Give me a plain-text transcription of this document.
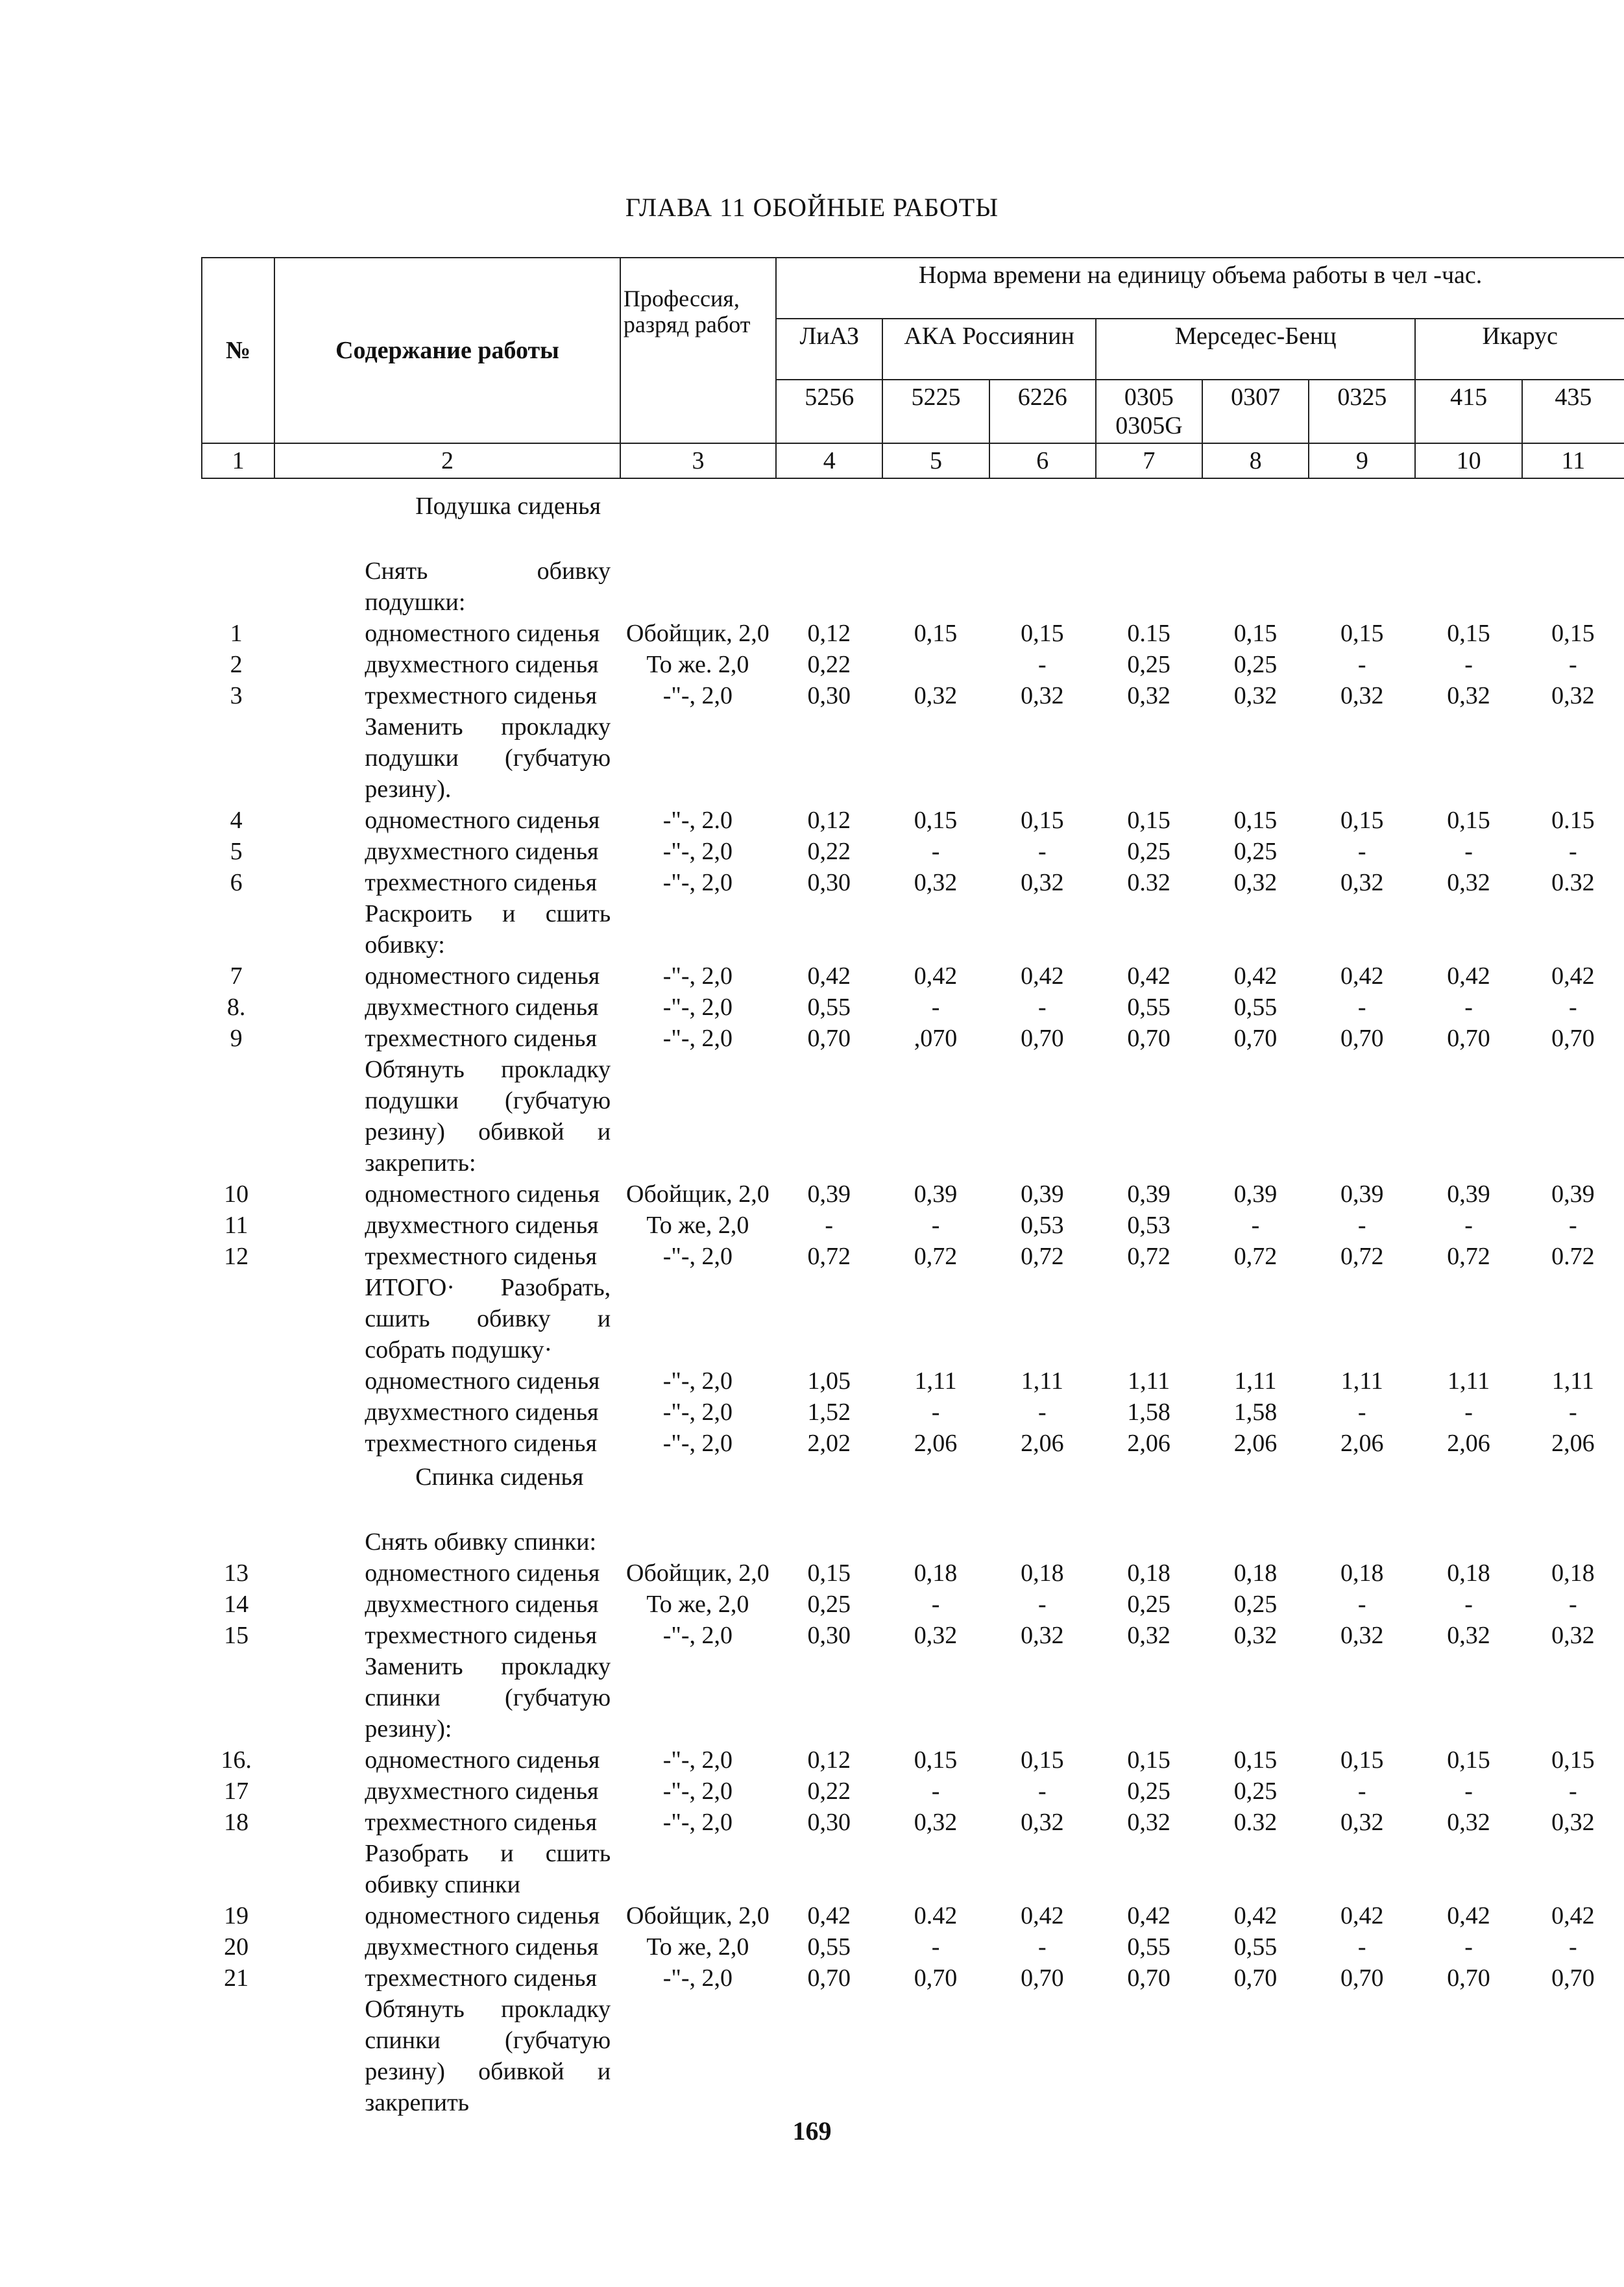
ГЛАВА 11 ОБОЙНЫЕ РАБОТЫ
№	Содержание работы	Профессия, разряд работ	Норма времени на единицу объема работы в чел -час.							
			ЛиАЗ	АКА Россиянин		Мерседес-Бенц			Икарус	
			5256	5225	6226	0305 0305G	0307	0325	415	435
1	2	3	4	5	6	7	8	9	10	11
	Подушка сиденья									

	Снять обивку подушки:									
1	одноместного сиденья	Обойщик, 2,0	0,12	0,15	0,15	0.15	0,15	0,15	0,15	0,15
2	двухместного сиденья	То же. 2,0	0,22		-	0,25	0,25	-	-	-
3	трехместного сиденья	-"-, 2,0	0,30	0,32	0,32	0,32	0,32	0,32	0,32	0,32
	Заменить прокладку подушки (губчатую резину).									
4	одноместного сиденья	-"-, 2.0	0,12	0,15	0,15	0,15	0,15	0,15	0,15	0.15
5	двухместного сиденья	-"-, 2,0	0,22	-	-	0,25	0,25	-	-	-
6	трехместного сиденья	-"-, 2,0	0,30	0,32	0,32	0.32	0,32	0,32	0,32	0.32
	Раскроить и сшить обивку:									
7	одноместного сиденья	-"-, 2,0	0,42	0,42	0,42	0,42	0,42	0,42	0,42	0,42
8.	двухместного сиденья	-"-, 2,0	0,55	-	-	0,55	0,55	-	-	-
9	трехместного сиденья	-"-, 2,0	0,70	,070	0,70	0,70	0,70	0,70	0,70	0,70
	Обтянуть прокладку подушки (губчатую резину) обивкой и закрепить:									
10	одноместного сиденья	Обойщик, 2,0	0,39	0,39	0,39	0,39	0,39	0,39	0,39	0,39
11	двухместного сиденья	То же, 2,0	-	-	0,53	0,53	-	-	-	-
12	трехместного сиденья	-"-, 2,0	0,72	0,72	0,72	0,72	0,72	0,72	0,72	0.72
	ИТОГО· Разобрать, сшить обивку и собрать подушку·									
	одноместного сиденья	-"-, 2,0	1,05	1,11	1,11	1,11	1,11	1,11	1,11	1,11
	двухместного сиденья	-"-, 2,0	1,52	-	-	1,58	1,58	-	-	-
	трехместного сиденья	-"-, 2,0	2,02	2,06	2,06	2,06	2,06	2,06	2,06	2,06
	Спинка сиденья									

	Снять обивку спинки:									
13	одноместного сиденья	Обойщик, 2,0	0,15	0,18	0,18	0,18	0,18	0,18	0,18	0,18
14	двухместного сиденья	То же, 2,0	0,25	-	-	0,25	0,25	-	-	-
15	трехместного сиденья	-"-, 2,0	0,30	0,32	0,32	0,32	0,32	0,32	0,32	0,32
	Заменить прокладку спинки (губчатую резину):									
16.	одноместного сиденья	-"-, 2,0	0,12	0,15	0,15	0,15	0,15	0,15	0,15	0,15
17	двухместного сиденья	-"-, 2,0	0,22	-	-	0,25	0,25	-	-	-
18	трехместного сиденья	-"-, 2,0	0,30	0,32	0,32	0,32	0.32	0,32	0,32	0,32
	Разобрать и сшить обивку спинки									
19	одноместного сиденья	Обойщик, 2,0	0,42	0.42	0,42	0,42	0,42	0,42	0,42	0,42
20	двухместного сиденья	То же, 2,0	0,55	-	-	0,55	0,55	-	-	-
21	трехместного сиденья	-"-, 2,0	0,70	0,70	0,70	0,70	0,70	0,70	0,70	0,70
	Обтянуть прокладку спинки (губчатую резину) обивкой и закрепить									
169
